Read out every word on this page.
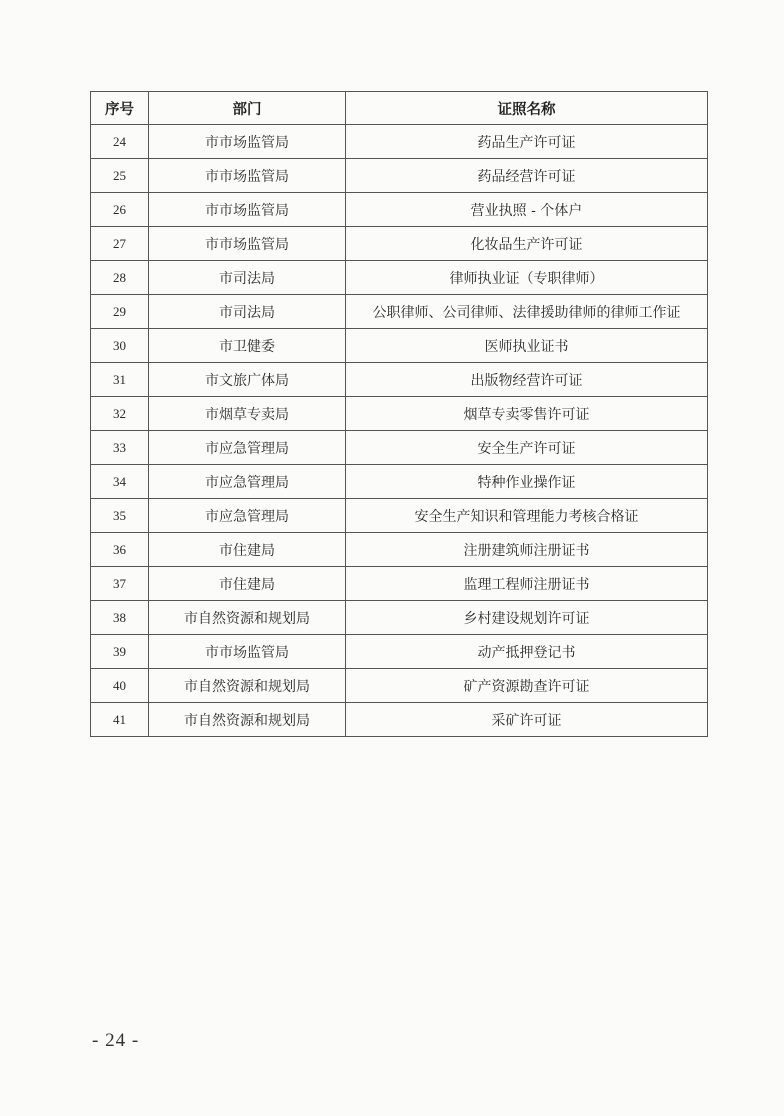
序号	部门	证照名称
24	市市场监管局	药品生产许可证
25	市市场监管局	药品经营许可证
26	市市场监管局	营业执照 - 个体户
27	市市场监管局	化妆品生产许可证
28	市司法局	律师执业证（专职律师）
29	市司法局	公职律师、公司律师、法律援助律师的律师工作证
30	市卫健委	医师执业证书
31	市文旅广体局	出版物经营许可证
32	市烟草专卖局	烟草专卖零售许可证
33	市应急管理局	安全生产许可证
34	市应急管理局	特种作业操作证
35	市应急管理局	安全生产知识和管理能力考核合格证
36	市住建局	注册建筑师注册证书
37	市住建局	监理工程师注册证书
38	市自然资源和规划局	乡村建设规划许可证
39	市市场监管局	动产抵押登记书
40	市自然资源和规划局	矿产资源勘查许可证
41	市自然资源和规划局	采矿许可证
- 24 -
